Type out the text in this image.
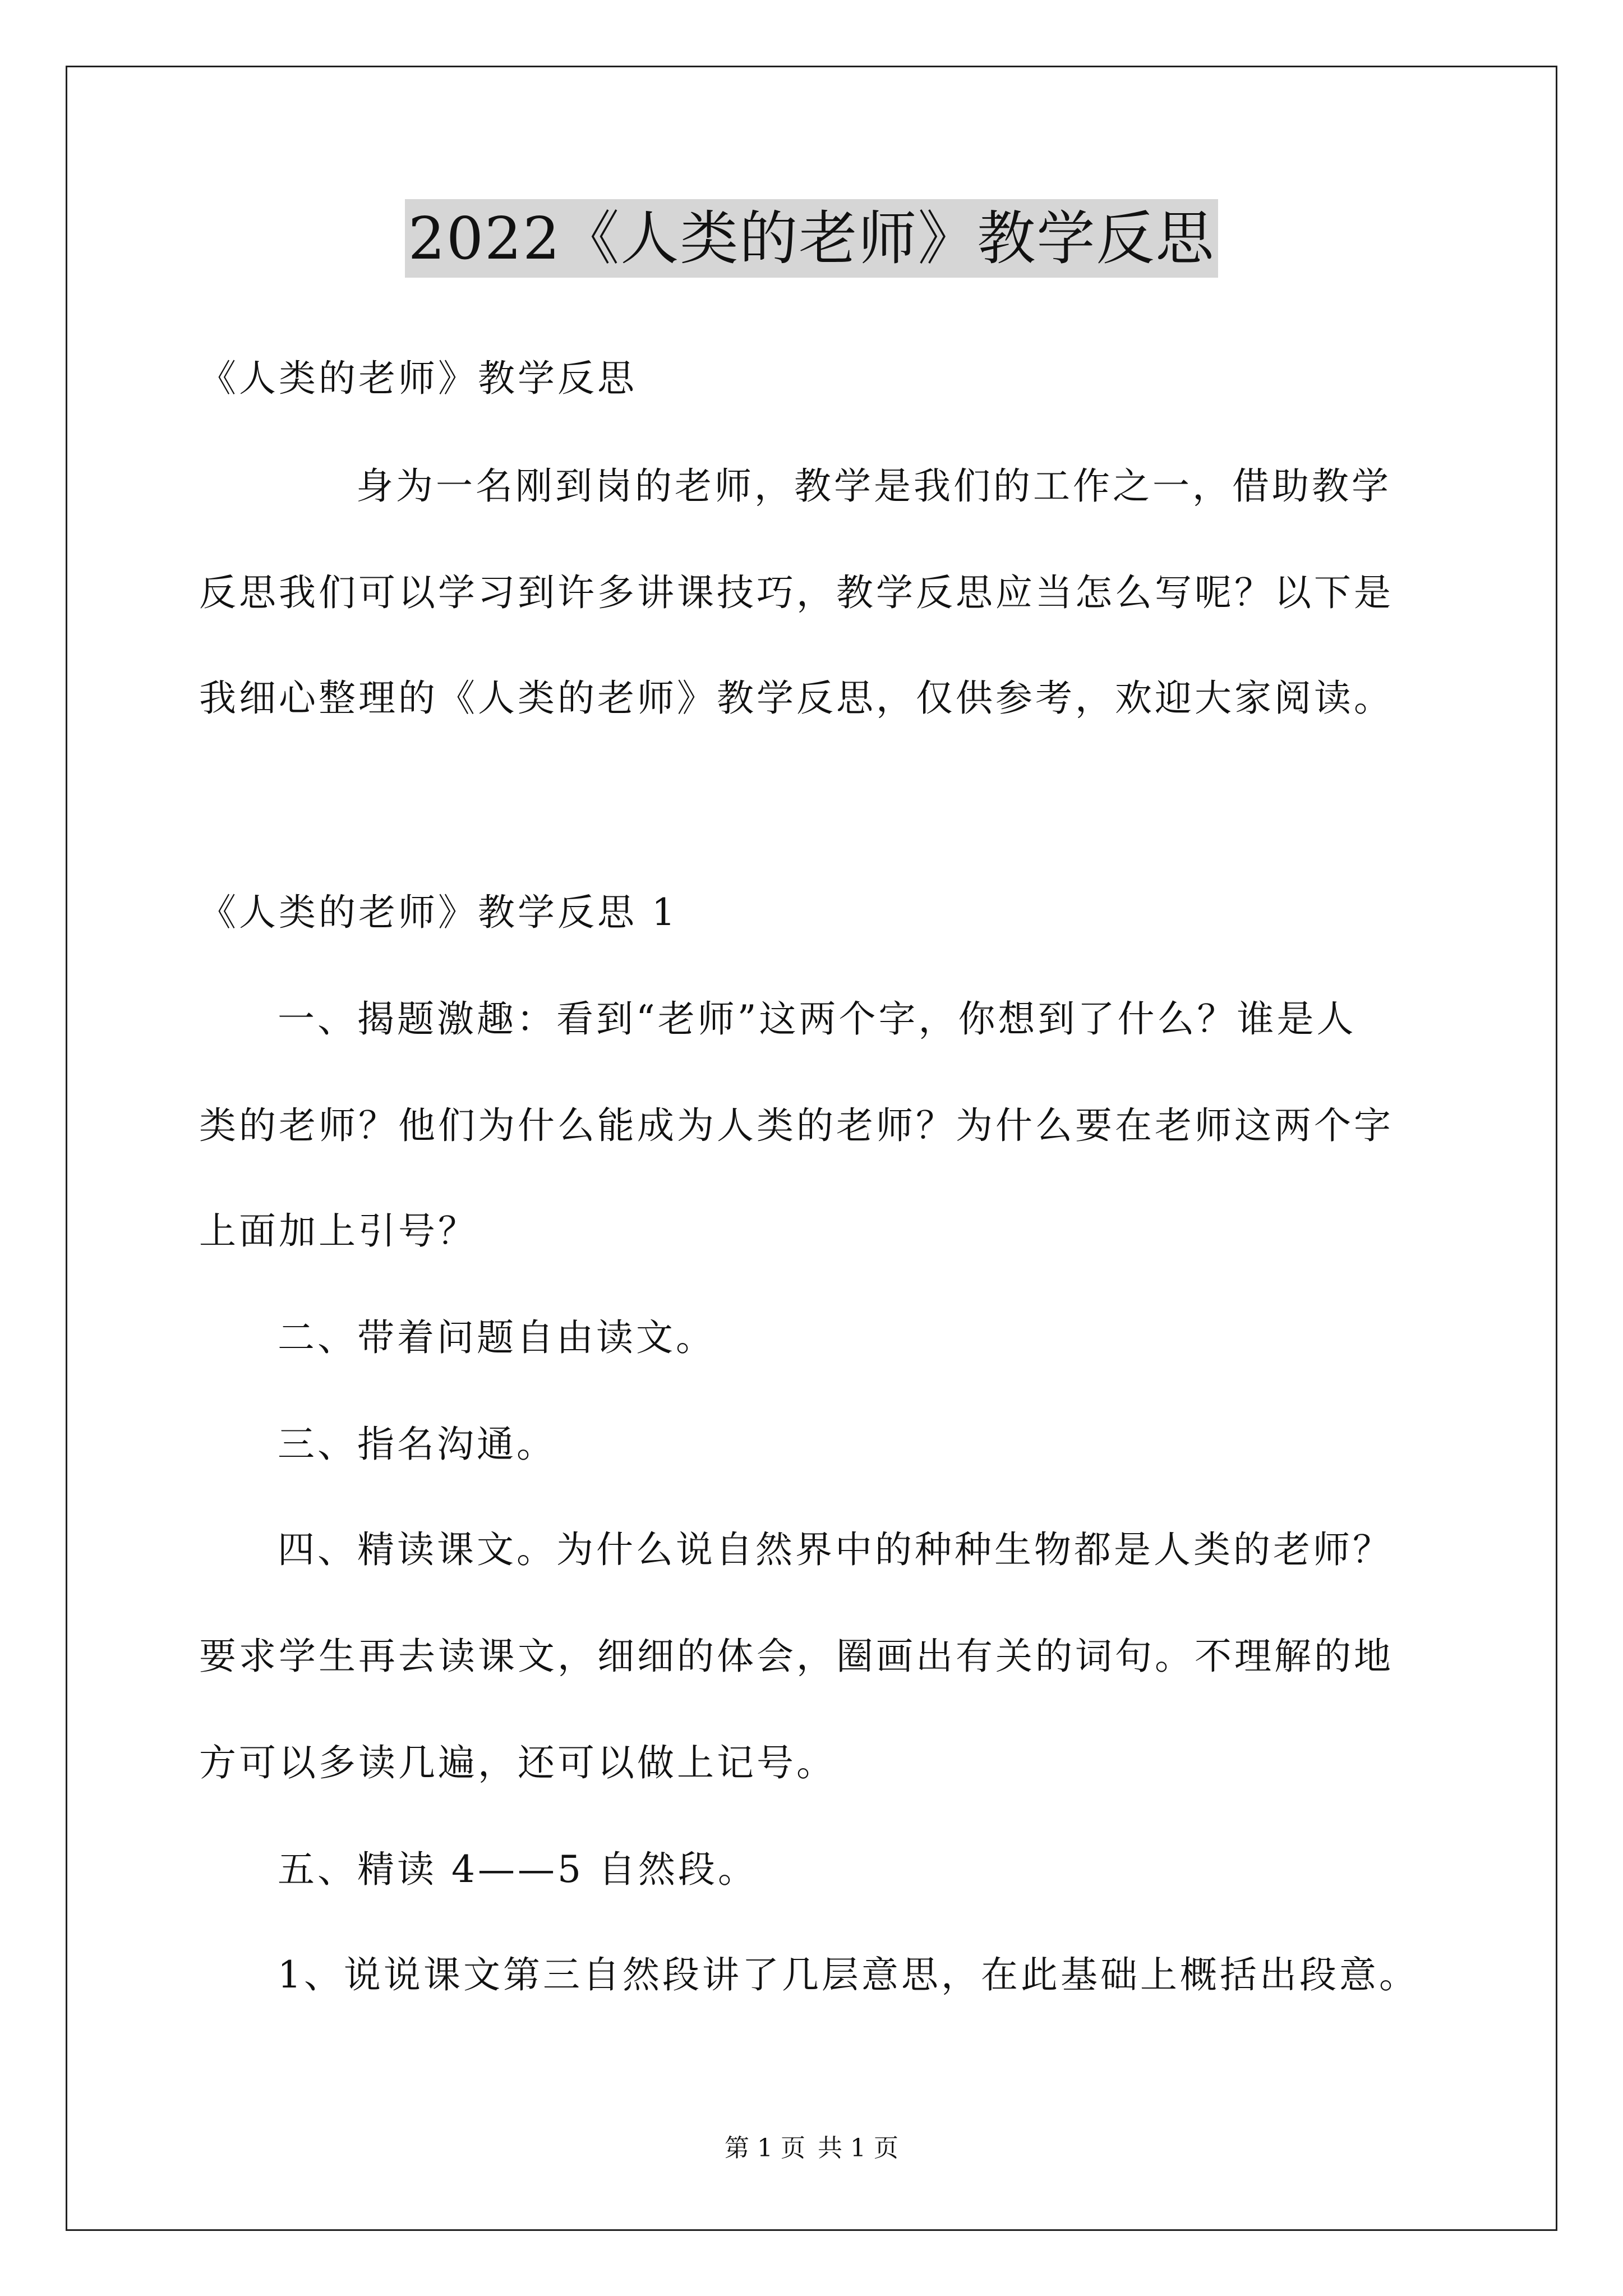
2022《人类的老师》教学反思
《人类的老师》教学反思
身为一名刚到岗的老师，教学是我们的工作之一，借助教学
反思我们可以学习到许多讲课技巧，教学反思应当怎么写呢？以下是
我细心整理的《人类的老师》教学反思，仅供参考，欢迎大家阅读。
《人类的老师》教学反思 1
一、揭题激趣：看到“老师”这两个字，你想到了什么？谁是人
类的老师？他们为什么能成为人类的老师？为什么要在老师这两个字
上面加上引号？
二、带着问题自由读文。
三、指名沟通。
四、精读课文。为什么说自然界中的种种生物都是人类的老师？
要求学生再去读课文，细细的体会，圈画出有关的词句。不理解的地
方可以多读几遍，还可以做上记号。
五、精读 4——5 自然段。
1、说说课文第三自然段讲了几层意思，在此基础上概括出段意。
第 1 页 共 1 页
